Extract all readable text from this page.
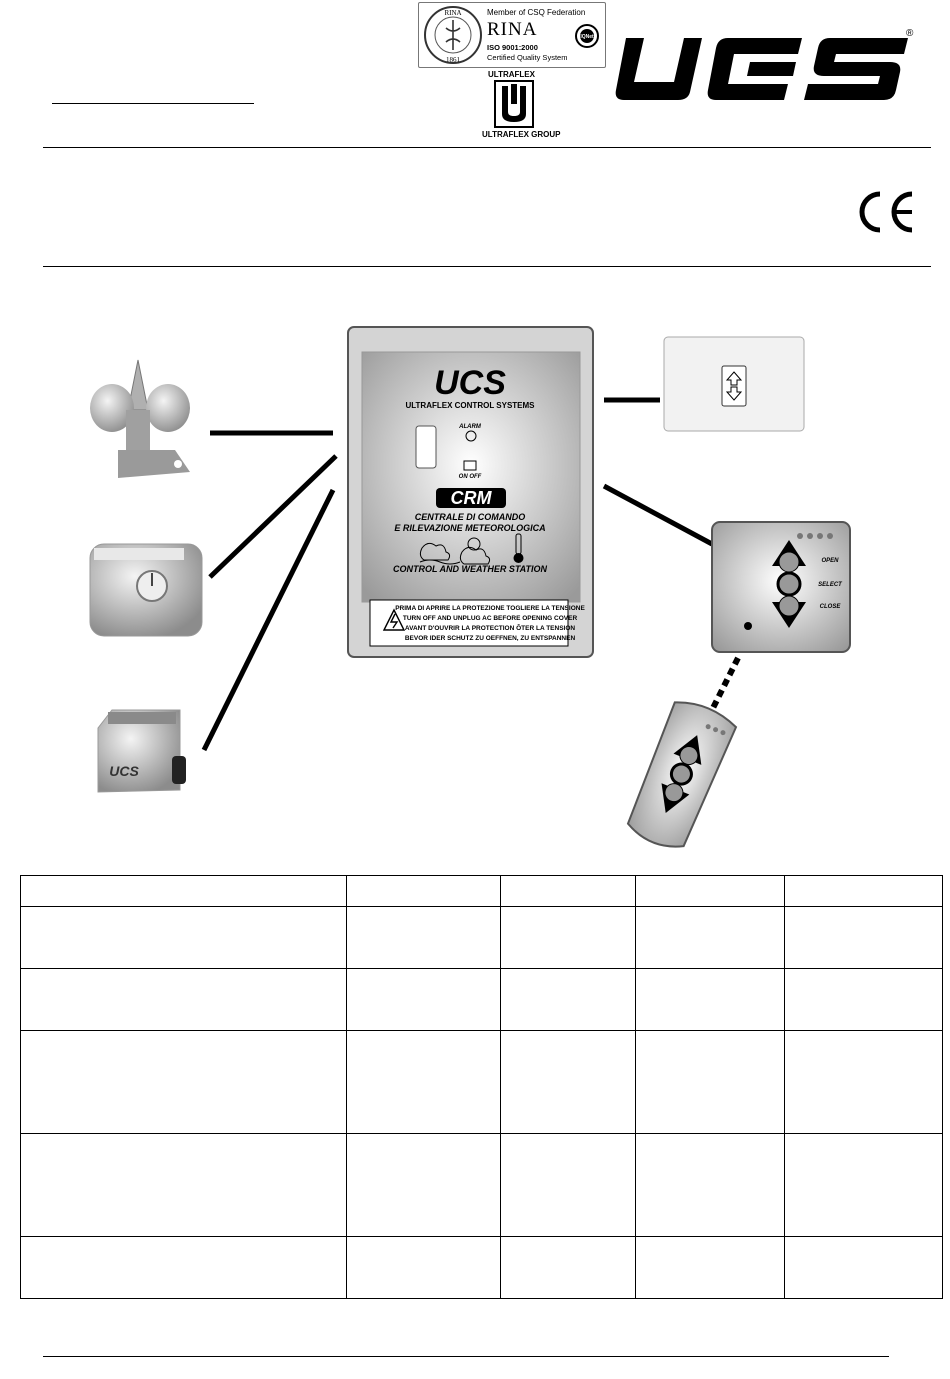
RINA
1861
Member of CSQ Federation
RINA	IQNet
ISO 9001:2000
Certified Quality System
ULTRAFLEX
ULTRAFLEX GROUP
®
UCS
UCS
ULTRAFLEX CONTROL SYSTEMS
ALARM
ON OFF
CRM
CENTRALE DI COMANDO
E RILEVAZIONE METEOROLOGICA
CONTROL AND WEATHER STATION
PRIMA DI APRIRE LA PROTEZIONE TOGLIERE LA TENSIONE
TURN OFF AND UNPLUG AC BEFORE OPENING COVER
AVANT D'OUVRIR LA PROTECTION ÔTER LA TENSION
BEVOR IDER SCHUTZ ZU OEFFNEN, ZU ENTSPANNEN
OPEN
SELECT
CLOSE
